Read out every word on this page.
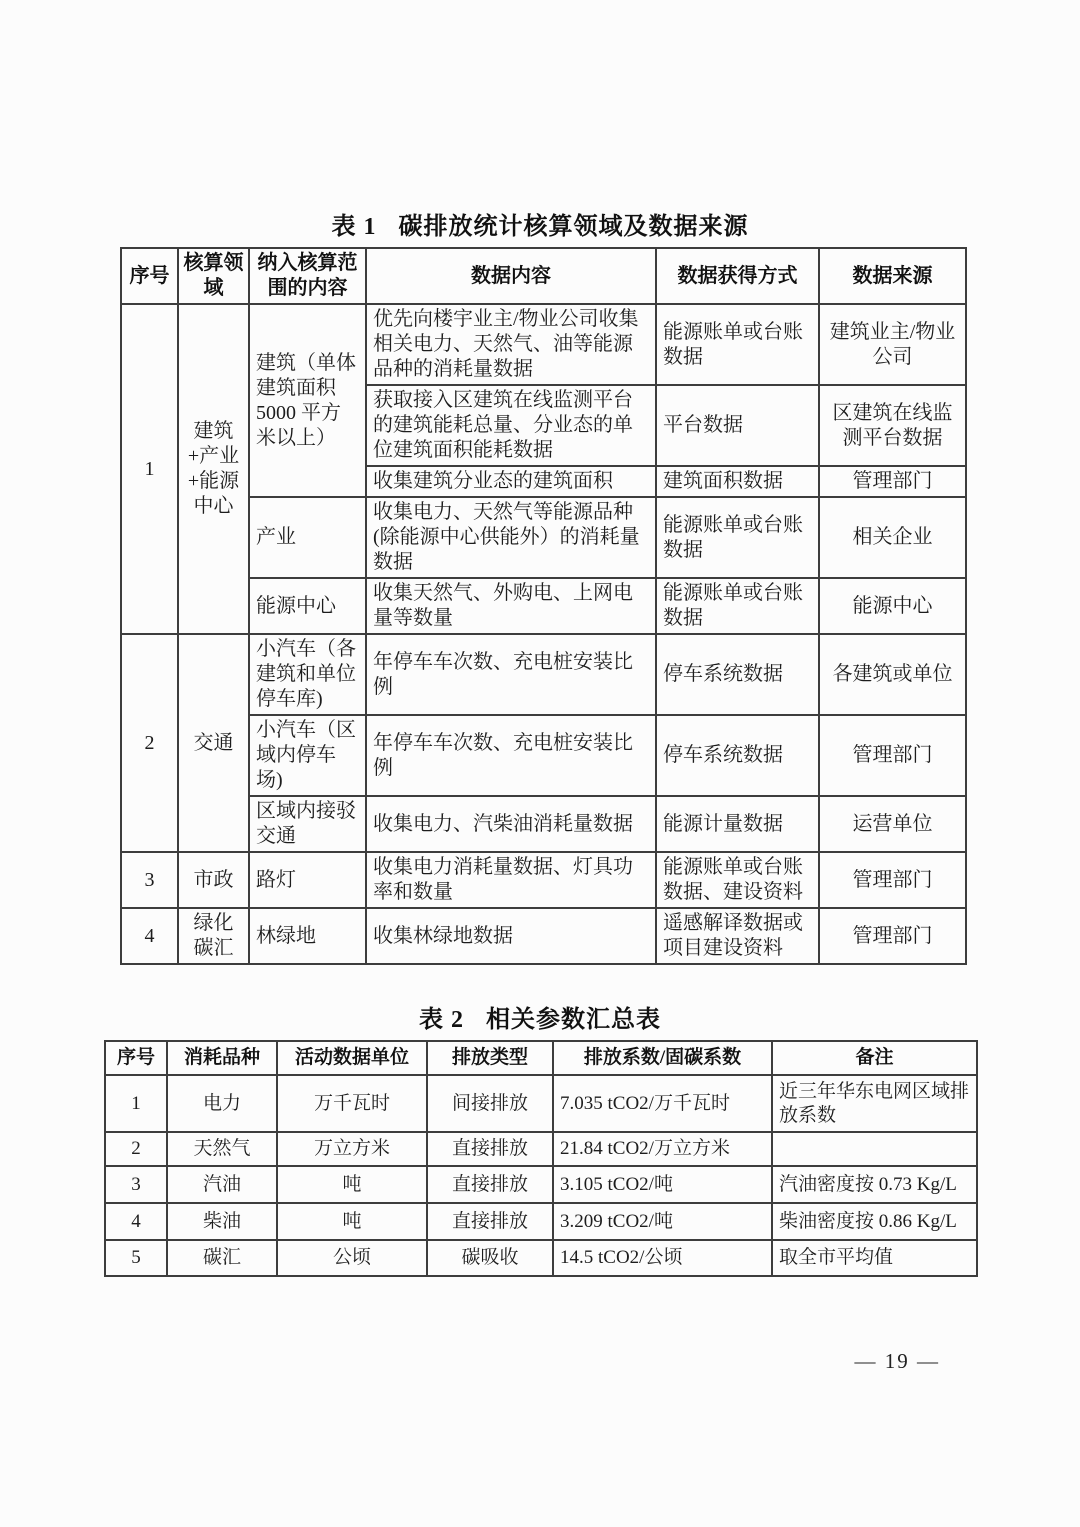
表 1 碳排放统计核算领域及数据来源
序号	核算领域	纳入核算范围的内容	数据内容	数据获得方式	数据来源
1	建筑+产业+能源中心	建筑（单体建筑面积 5000 平方米以上）	优先向楼宇业主/物业公司收集相关电力、天然气、油等能源品种的消耗量数据	能源账单或台账数据	建筑业主/物业公司
			获取接入区建筑在线监测平台的建筑能耗总量、分业态的单位建筑面积能耗数据	平台数据	区建筑在线监测平台数据
			收集建筑分业态的建筑面积	建筑面积数据	管理部门
		产业	收集电力、天然气等能源品种(除能源中心供能外）的消耗量数据	能源账单或台账数据	相关企业
		能源中心	收集天然气、外购电、上网电量等数量	能源账单或台账数据	能源中心
2	交通	小汽车（各建筑和单位停车库)	年停车车次数、充电桩安装比例	停车系统数据	各建筑或单位
		小汽车（区域内停车场)	年停车车次数、充电桩安装比例	停车系统数据	管理部门
		区域内接驳交通	收集电力、汽柴油消耗量数据	能源计量数据	运营单位
3	市政	路灯	收集电力消耗量数据、灯具功率和数量	能源账单或台账数据、建设资料	管理部门
4	绿化碳汇	林绿地	收集林绿地数据	遥感解译数据或项目建设资料	管理部门
表 2 相关参数汇总表
序号	消耗品种	活动数据单位	排放类型	排放系数/固碳系数	备注
1	电力	万千瓦时	间接排放	7.035 tCO2/万千瓦时	近三年华东电网区域排放系数
2	天然气	万立方米	直接排放	21.84 tCO2/万立方米	
3	汽油	吨	直接排放	3.105 tCO2/吨	汽油密度按 0.73 Kg/L
4	柴油	吨	直接排放	3.209 tCO2/吨	柴油密度按 0.86 Kg/L
5	碳汇	公顷	碳吸收	14.5 tCO2/公顷	取全市平均值
— 19 —
